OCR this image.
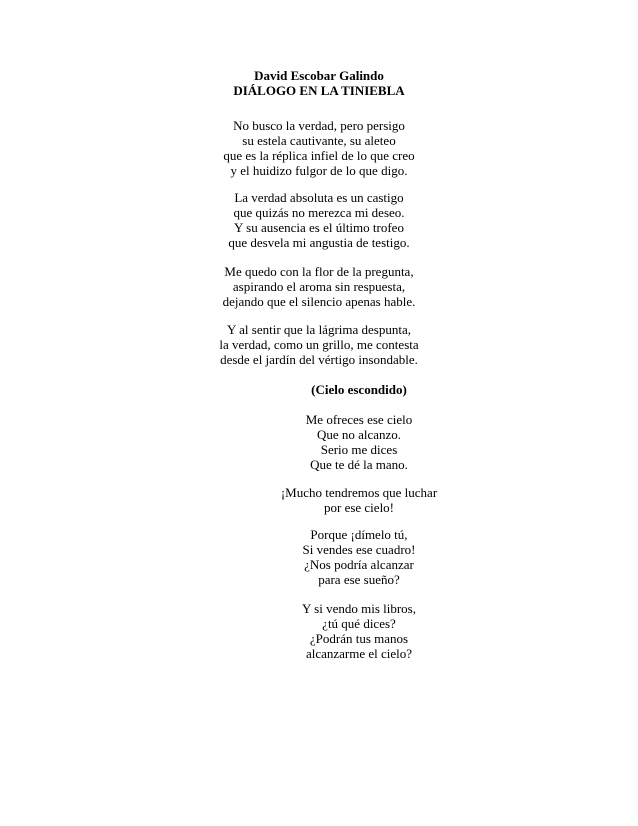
David Escobar Galindo
DIÁLOGO EN LA TINIEBLA
No busco la verdad, pero persigo
su estela cautivante, su aleteo
que es la réplica infiel de lo que creo
y el huidizo fulgor de lo que digo.
La verdad absoluta es un castigo
que quizás no merezca mi deseo.
Y su ausencia es el último trofeo
que desvela mi angustia de testigo.
Me quedo con la flor de la pregunta,
aspirando el aroma sin respuesta,
dejando que el silencio apenas hable.
Y al sentir que la lágrima despunta,
la verdad, como un grillo, me contesta
desde el jardín del vértigo insondable.
(Cielo escondido)
Me ofreces ese cielo
Que no alcanzo.
Serio me dices
Que te dé la mano.
¡Mucho tendremos que luchar
por ese cielo!
Porque ¡dímelo tú,
Si vendes ese cuadro!
¿Nos podría alcanzar
para ese sueño?
Y si vendo mis libros,
¿tú qué dices?
¿Podrán tus manos
alcanzarme el cielo?
